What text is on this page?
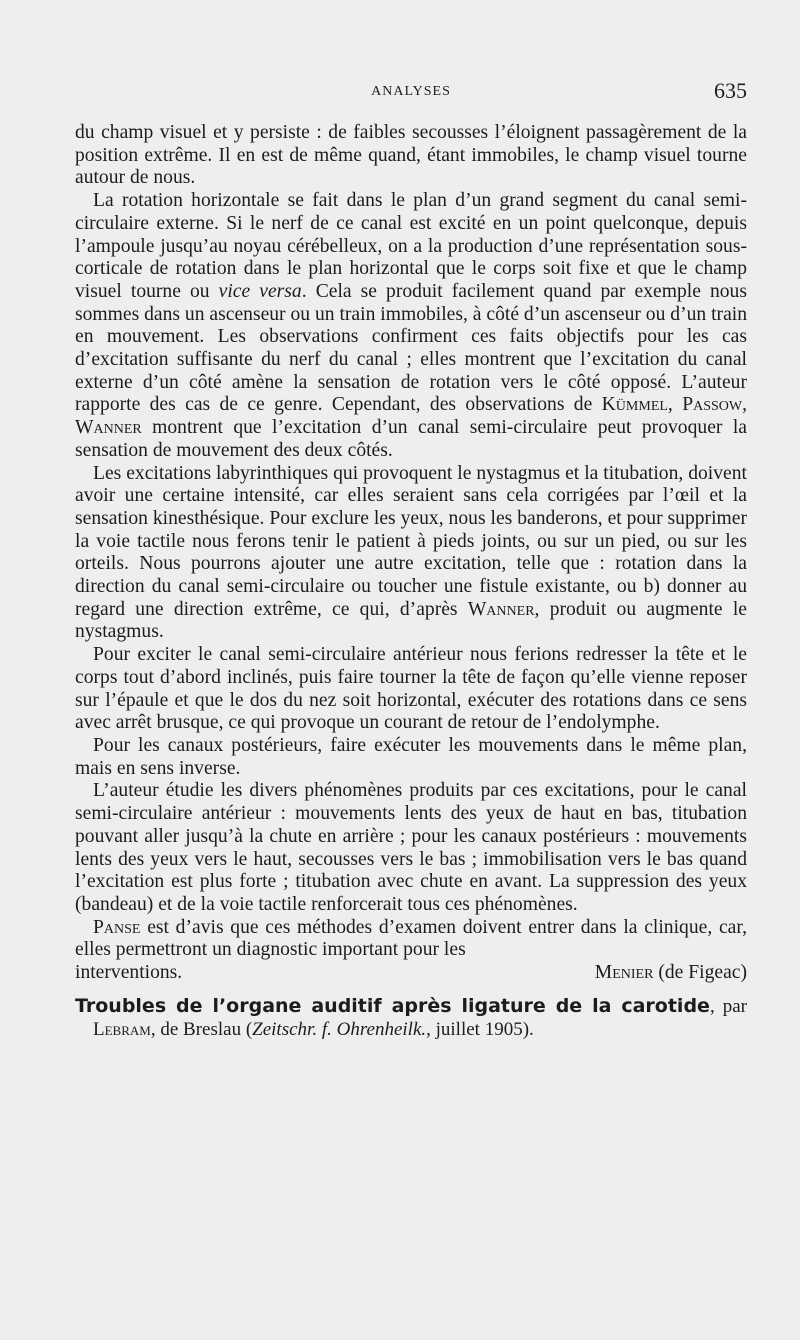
ANALYSES	635

du champ visuel et y persiste : de faibles secousses l’éloignent passagèrement de la position extrême. Il en est de même quand, étant immobiles, le champ visuel tourne autour de nous.

La rotation horizontale se fait dans le plan d’un grand segment du canal semi-circulaire externe. Si le nerf de ce canal est excité en un point quelconque, depuis l’ampoule jusqu’au noyau cérébelleux, on a la production d’une représentation sous-corticale de rotation dans le plan horizontal que le corps soit fixe et que le champ visuel tourne ou vice versa. Cela se produit facilement quand par exemple nous sommes dans un ascenseur ou un train immobiles, à côté d’un ascenseur ou d’un train en mouvement. Les observations confirment ces faits objectifs pour les cas d’excitation suffisante du nerf du canal ; elles montrent que l’excitation du canal externe d’un côté amène la sensation de rotation vers le côté opposé. L’auteur rapporte des cas de ce genre. Cependant, des observations de Kümmel, Passow, Wanner montrent que l’excitation d’un canal semi-circulaire peut provoquer la sensation de mouvement des deux côtés.

Les excitations labyrinthiques qui provoquent le nystagmus et la titubation, doivent avoir une certaine intensité, car elles seraient sans cela corrigées par l’œil et la sensation kinesthésique. Pour exclure les yeux, nous les banderons, et pour supprimer la voie tactile nous ferons tenir le patient à pieds joints, ou sur un pied, ou sur les orteils. Nous pourrons ajouter une autre excitation, telle que : rotation dans la direction du canal semi-circulaire ou toucher une fistule existante, ou b) donner au regard une direction extrême, ce qui, d’après Wanner, produit ou augmente le nystagmus.

Pour exciter le canal semi-circulaire antérieur nous ferions redresser la tête et le corps tout d’abord inclinés, puis faire tourner la tête de façon qu’elle vienne reposer sur l’épaule et que le dos du nez soit horizontal, exécuter des rotations dans ce sens avec arrêt brusque, ce qui provoque un courant de retour de l’endolymphe.

Pour les canaux postérieurs, faire exécuter les mouvements dans le même plan, mais en sens inverse.

L’auteur étudie les divers phénomènes produits par ces excitations, pour le canal semi-circulaire antérieur : mouvements lents des yeux de haut en bas, titubation pouvant aller jusqu’à la chute en arrière ; pour les canaux postérieurs : mouvements lents des yeux vers le haut, secousses vers le bas ; immobilisation vers le bas quand l’excitation est plus forte ; titubation avec chute en avant. La suppression des yeux (bandeau) et de la voie tactile renforcerait tous ces phénomènes.

Panse est d’avis que ces méthodes d’examen doivent entrer dans la clinique, car, elles permettront un diagnostic important pour les

interventions.	Menier (de Figeac)
Troubles de l’organe auditif après ligature de la carotide, par Lebram, de Breslau (Zeitschr. f. Ohrenheilk., juillet 1905).
